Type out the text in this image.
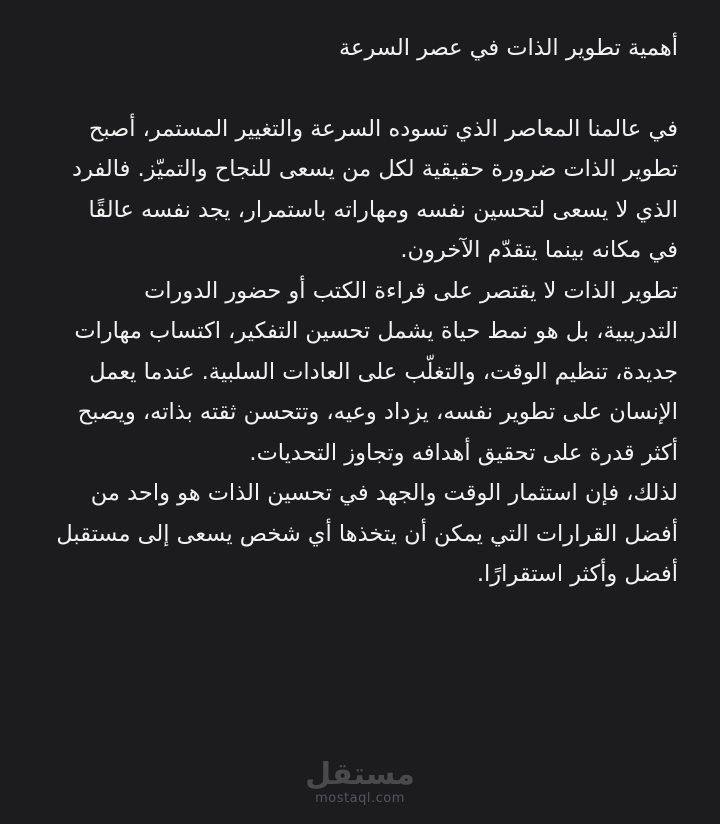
أهمية تطوير الذات في عصر السرعة

في عالمنا المعاصر الذي تسوده السرعة والتغيير المستمر، أصبح تطوير الذات ضرورة حقيقية لكل من يسعى للنجاح والتميّز. فالفرد الذي لا يسعى لتحسين نفسه ومهاراته باستمرار، يجد نفسه عالقًا في مكانه بينما يتقدّم الآخرون.

تطوير الذات لا يقتصر على قراءة الكتب أو حضور الدورات التدريبية، بل هو نمط حياة يشمل تحسين التفكير، اكتساب مهارات جديدة، تنظيم الوقت، والتغلّب على العادات السلبية. عندما يعمل الإنسان على تطوير نفسه، يزداد وعيه، وتتحسن ثقته بذاته، ويصبح أكثر قدرة على تحقيق أهدافه وتجاوز التحديات.

لذلك، فإن استثمار الوقت والجهد في تحسين الذات هو واحد من أفضل القرارات التي يمكن أن يتخذها أي شخص يسعى إلى مستقبل أفضل وأكثر استقرارًا.

مستقل
mostaql.com
